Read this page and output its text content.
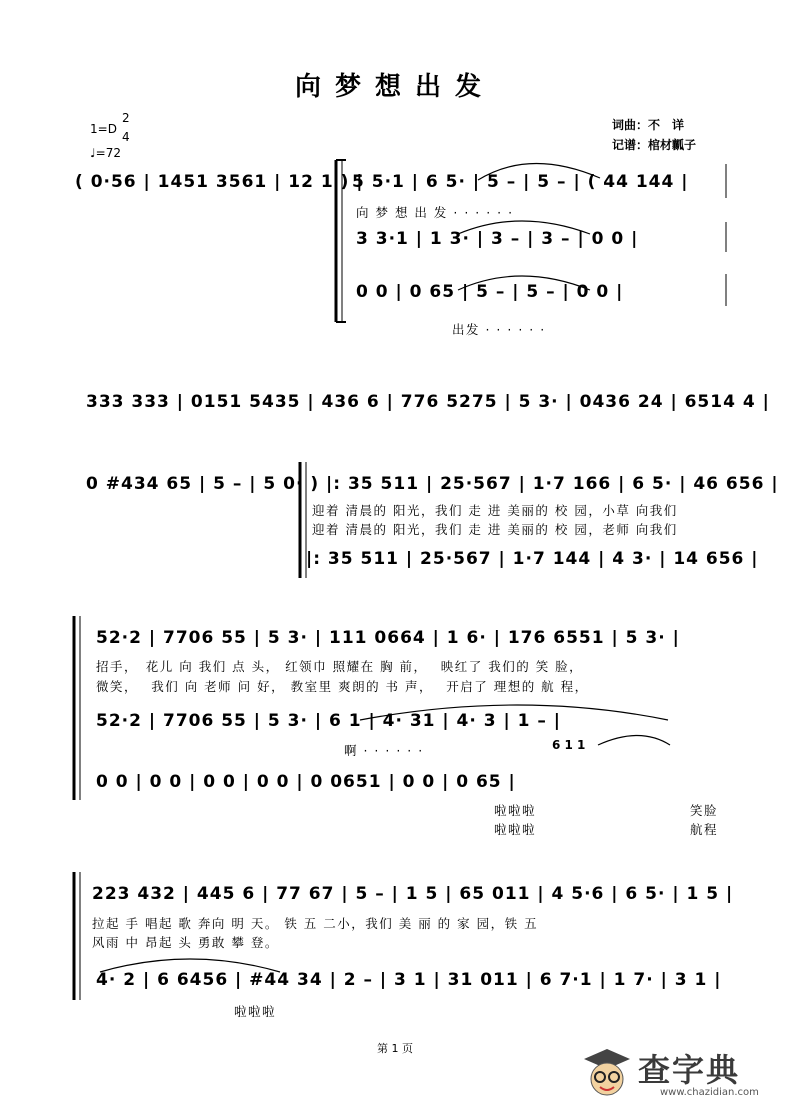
向梦想出发
1=D
2
4
♩=72
词曲：不　详
记谱：棺材瓤子
( 0·56 | 1451 3561 | 12 1 ) |
5 5·1 | 6 5· | 5 – | 5 – | ( 44 144 |
向 梦 想 出 发 · · · · · ·
3 3·1 | 1 3· | 3 – | 3 – | 0 0 |
0 0 | 0 65 | 5 – | 5 – | 0 0 |
出发 · · · · · ·
333 333 | 0151 5435 | 436 6 | 776 5275 | 5 3· | 0436 24 | 6514 4 |
0 #434 65 | 5 – | 5 0· ) |: 35 511 | 25·567 | 1·7 166 | 6 5· | 46 656 |
迎着 清晨的 阳光，我们 走 进 美丽的 校 园，小草 向我们
迎着 清晨的 阳光，我们 走 进 美丽的 校 园，老师 向我们
|: 35 511 | 25·567 | 1·7 144 | 4 3· | 14 656 |
52·2 | 7706 55 | 5 3· | 111 0664 | 1 6· | 176 6551 | 5 3· |
招手，　花儿 向 我们 点 头， 红领巾 照耀在 胸 前，　 映红了 我们的 笑 脸，
微笑，　 我们 向 老师 问 好， 教室里 爽朗的 书 声，　 开启了 理想的 航 程，
52·2 | 7706 55 | 5 3· | 6 1 | 4· 31 | 4· 3 | 1 – |
6 1 1
啊 · · · · · ·
0 0 | 0 0 | 0 0 | 0 0 | 0 0651 | 0 0 | 0 65 |
啦啦啦
啦啦啦
笑脸
航程
223 432 | 445 6 | 77 67 | 5 – | 1 5 | 65 011 | 4 5·6 | 6 5· | 1 5 |
拉起 手 唱起 歌 奔向 明 天。 铁 五 二小，我们 美 丽 的 家 园，铁 五
风雨 中 昂起 头 勇敢 攀 登。
4· 2 | 6 6456 | #44 34 | 2 – | 3 1 | 31 011 | 6 7·1 | 1 7· | 3 1 |
啦啦啦
第 1 页
查字典
www.chazidian.com
